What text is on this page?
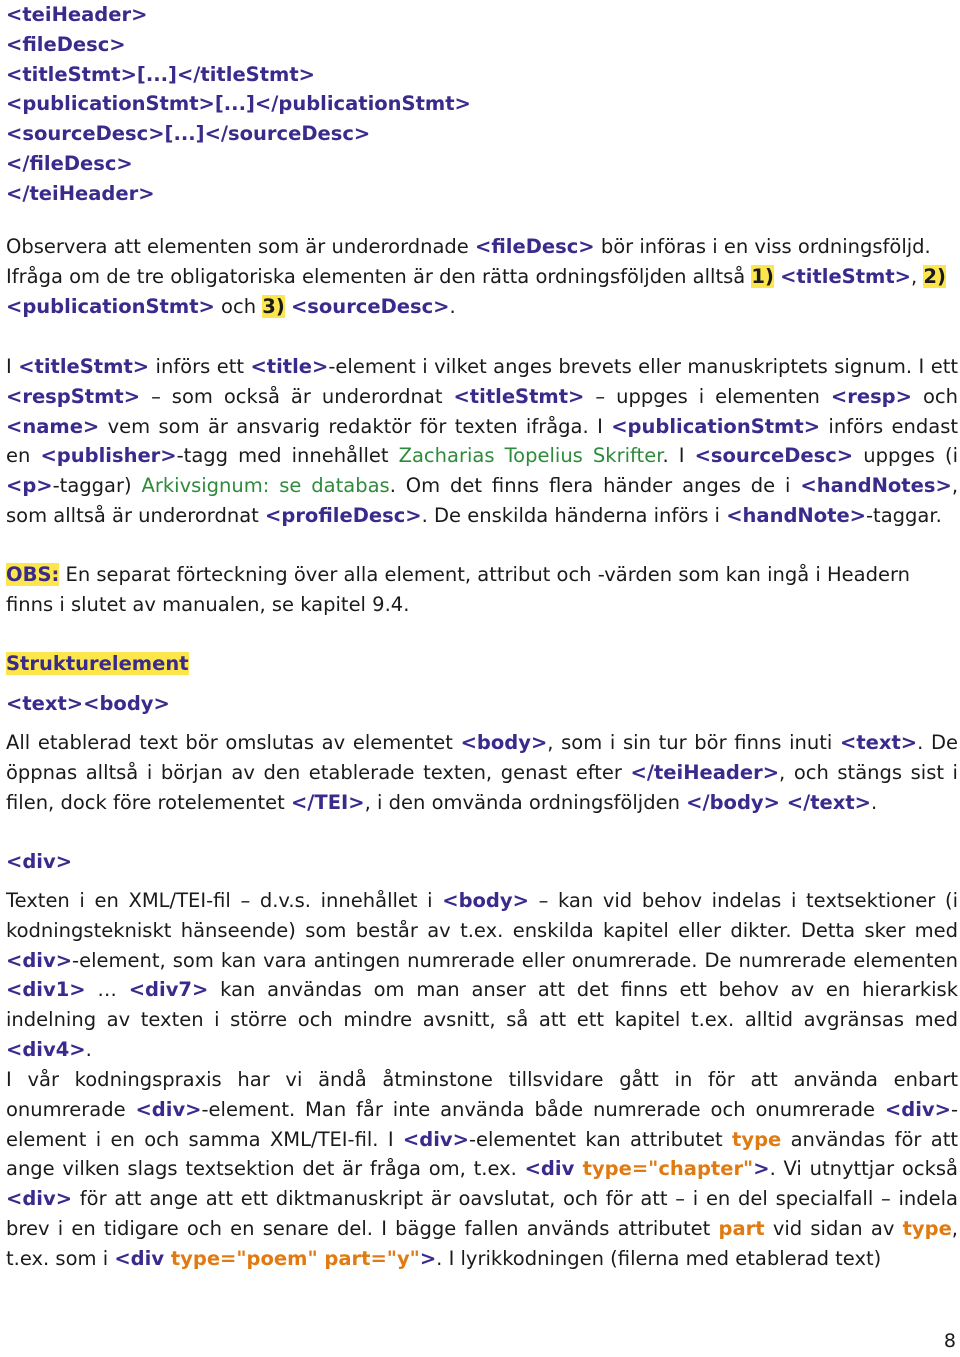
<teiHeader>
<fileDesc>
<titleStmt>[...]</titleStmt>
<publicationStmt>[...]</publicationStmt>
<sourceDesc>[...]</sourceDesc>
</fileDesc>
</teiHeader>

Observera att elementen som är underordnade <fileDesc> bör införas i en viss ordningsföljd. Ifråga om de tre obligatoriska elementen är den rätta ordningsföljden alltså 1) <titleStmt>, 2)
<publicationStmt> och 3) <sourceDesc>.

I <titleStmt> införs ett <title>-element i vilket anges brevets eller manuskriptets signum. I ett <respStmt> – som också är underordnat <titleStmt> – uppges i elementen <resp> och <name> vem som är ansvarig redaktör för texten ifråga. I <publicationStmt> införs endast en <publisher>-tagg med innehållet Zacharias Topelius Skrifter. I <sourceDesc> uppges (i <p>-taggar) Arkivsignum: se databas. Om det finns flera händer anges de i <handNotes>, som alltså är underordnat <profileDesc>. De enskilda händerna införs i <handNote>-taggar.

OBS: En separat förteckning över alla element, attribut och -värden som kan ingå i Headern finns i slutet av manualen, se kapitel 9.4.

Strukturelement

<text><body>

All etablerad text bör omslutas av elementet <body>, som i sin tur bör finns inuti <text>. De öppnas alltså i början av den etablerade texten, genast efter </teiHeader>, och stängs sist i filen, dock före rotelementet </TEI>, i den omvända ordningsföljden </body> </text>.

<div>

Texten i en XML/TEI-fil – d.v.s. innehållet i <body> – kan vid behov indelas i textsektioner (i kodningstekniskt hänseende) som består av t.ex. enskilda kapitel eller dikter. Detta sker med <div>-element, som kan vara antingen numrerade eller onumrerade. De numrerade elementen <div1> … <div7> kan användas om man anser att det finns ett behov av en hierarkisk indelning av texten i större och mindre avsnitt, så att ett kapitel t.ex. alltid avgränsas med <div4>.

I vår kodningspraxis har vi ändå åtminstone tillsvidare gått in för att använda enbart onumrerade <div>-element. Man får inte använda både numrerade och onumrerade <div>-element i en och samma XML/TEI-fil. I <div>-elementet kan attributet type användas för att ange vilken slags textsektion det är fråga om, t.ex. <div type="chapter">. Vi utnyttjar också <div> för att ange att ett diktmanuskript är oavslutat, och för att – i en del specialfall – indela brev i en tidigare och en senare del. I bägge fallen används attributet part vid sidan av type, t.ex. som i <div type="poem" part="y">. I lyrikkodningen (filerna med etablerad text)

8
